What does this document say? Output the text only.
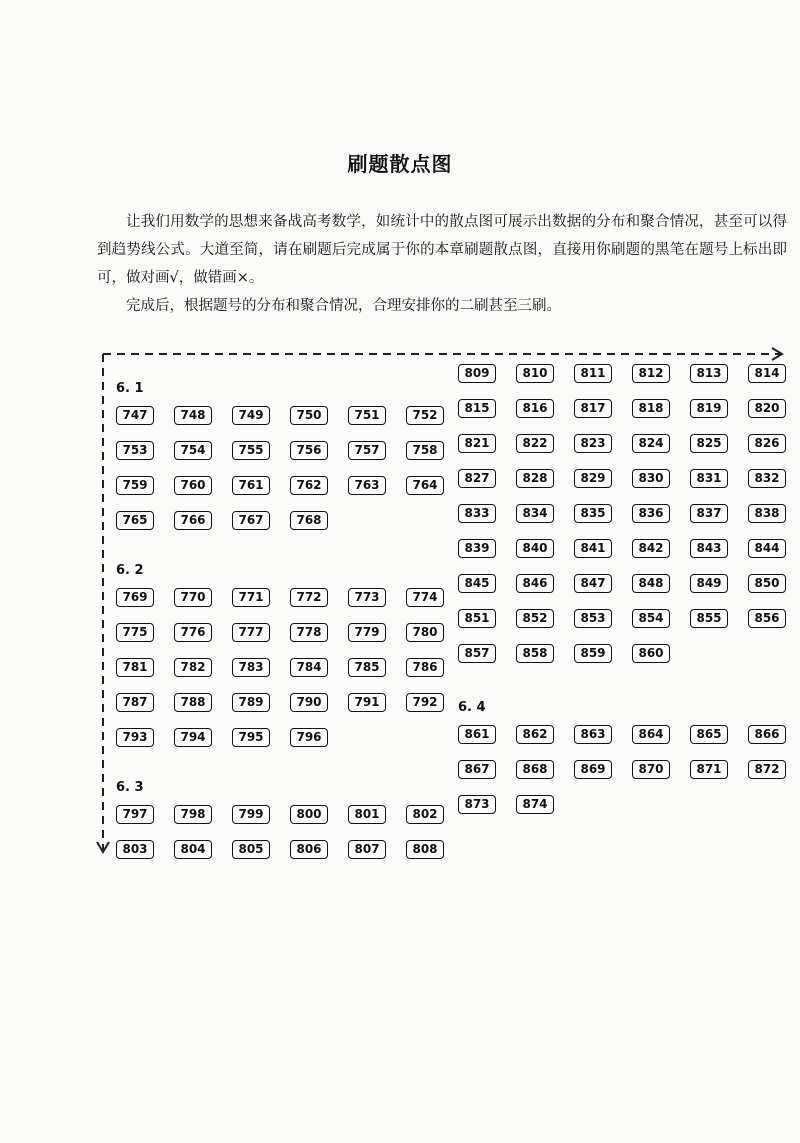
刷题散点图

让我们用数学的思想来备战高考数学，如统计中的散点图可展示出数据的分布和聚合情况，甚至可以得到趋势线公式。大道至简，请在刷题后完成属于你的本章刷题散点图，直接用你刷题的黑笔在题号上标出即可，做对画√，做错画×。

完成后，根据题号的分布和聚合情况，合理安排你的二刷甚至三刷。

6. 1
747	748	749	750	751	752
753	754	755	756	757	758
759	760	761	762	763	764
765	766	767	768
6. 2
769	770	771	772	773	774
775	776	777	778	779	780
781	782	783	784	785	786
787	788	789	790	791	792
793	794	795	796
6. 3
797	798	799	800	801	802
803	804	805	806	807	808
809	810	811	812	813	814
815	816	817	818	819	820
821	822	823	824	825	826
827	828	829	830	831	832
833	834	835	836	837	838
839	840	841	842	843	844
845	846	847	848	849	850
851	852	853	854	855	856
857	858	859	860
6. 4
861	862	863	864	865	866
867	868	869	870	871	872
873	874
